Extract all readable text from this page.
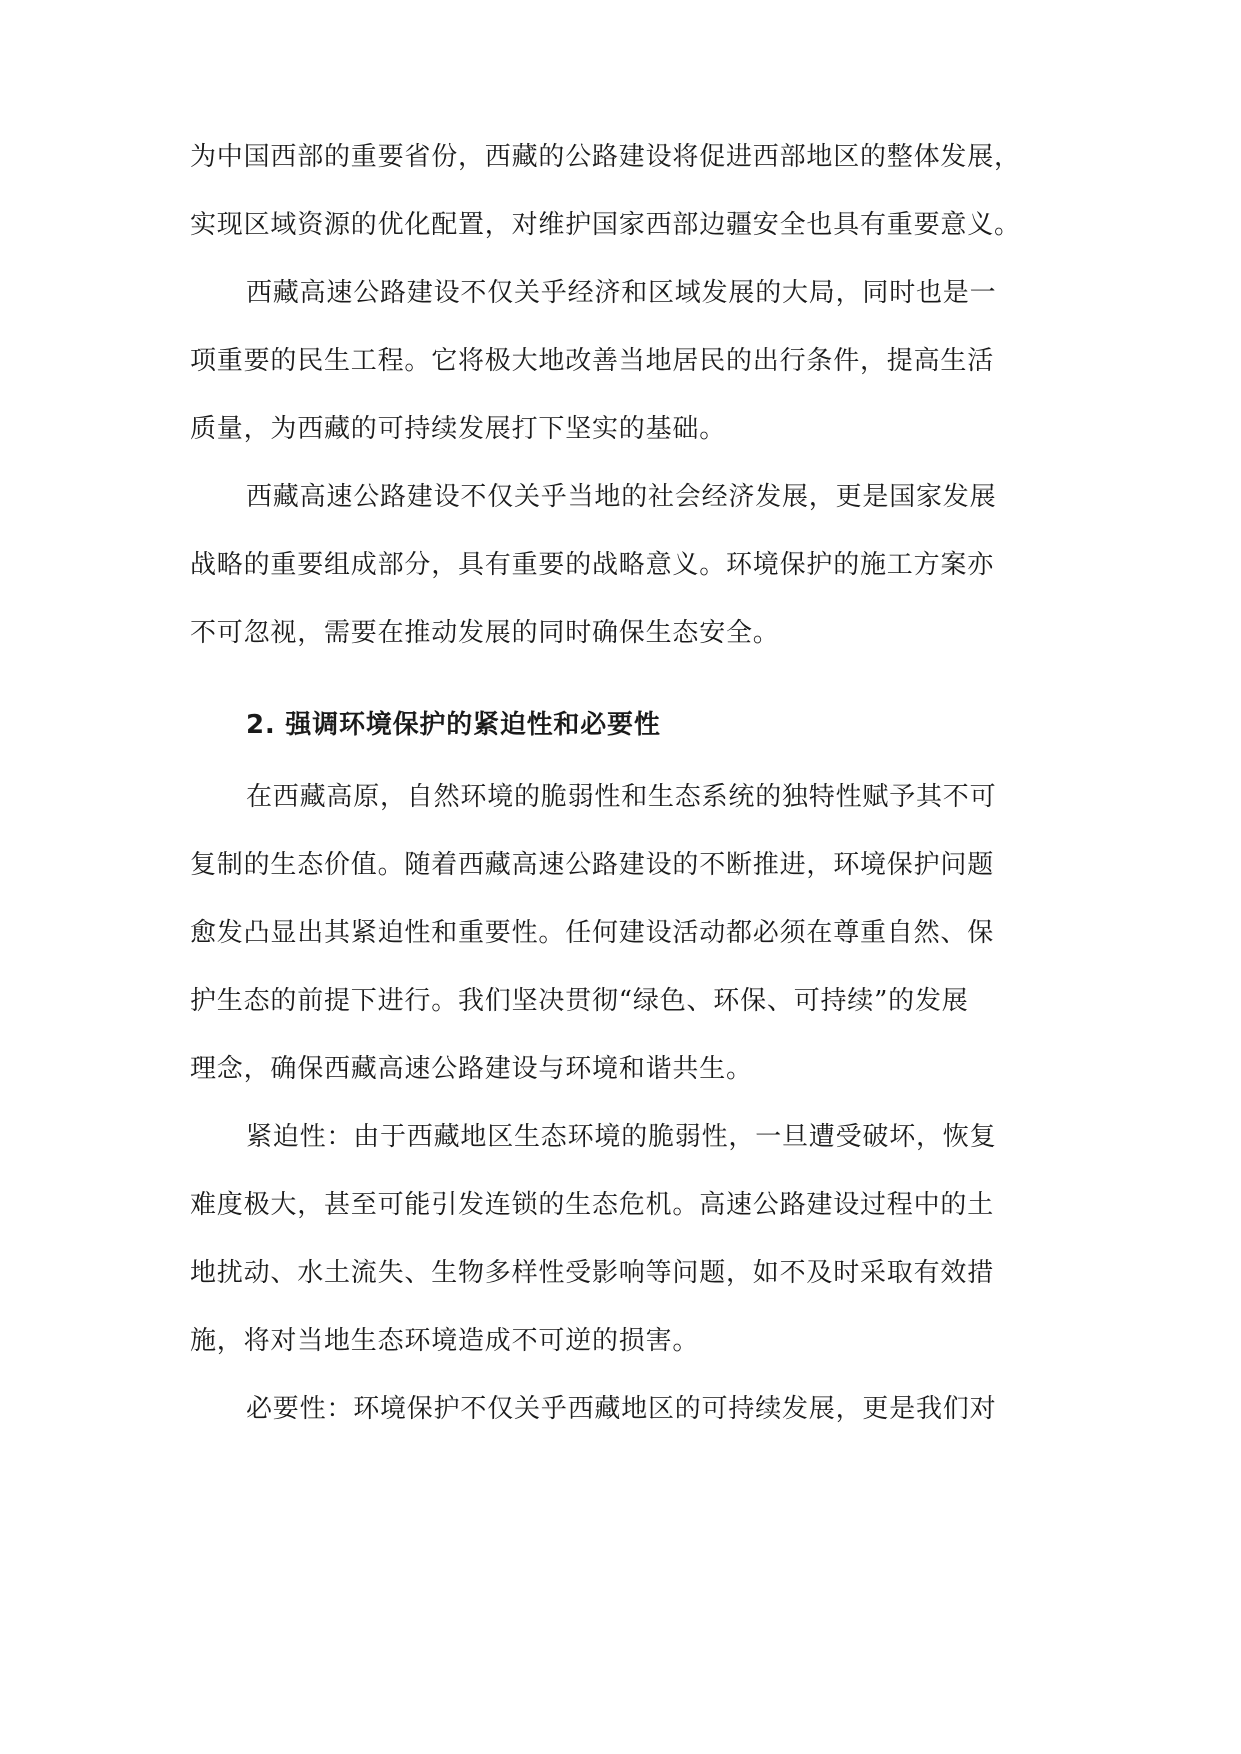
为中国西部的重要省份，西藏的公路建设将促进西部地区的整体发展，

实现区域资源的优化配置，对维护国家西部边疆安全也具有重要意义。

西藏高速公路建设不仅关乎经济和区域发展的大局，同时也是一

项重要的民生工程。它将极大地改善当地居民的出行条件，提高生活

质量，为西藏的可持续发展打下坚实的基础。

西藏高速公路建设不仅关乎当地的社会经济发展，更是国家发展

战略的重要组成部分，具有重要的战略意义。环境保护的施工方案亦

不可忽视，需要在推动发展的同时确保生态安全。

2. 强调环境保护的紧迫性和必要性

在西藏高原，自然环境的脆弱性和生态系统的独特性赋予其不可

复制的生态价值。随着西藏高速公路建设的不断推进，环境保护问题

愈发凸显出其紧迫性和重要性。任何建设活动都必须在尊重自然、保

护生态的前提下进行。我们坚决贯彻“绿色、环保、可持续”的发展

理念，确保西藏高速公路建设与环境和谐共生。

紧迫性：由于西藏地区生态环境的脆弱性，一旦遭受破坏，恢复

难度极大，甚至可能引发连锁的生态危机。高速公路建设过程中的土

地扰动、水土流失、生物多样性受影响等问题，如不及时采取有效措

施，将对当地生态环境造成不可逆的损害。

必要性：环境保护不仅关乎西藏地区的可持续发展，更是我们对
